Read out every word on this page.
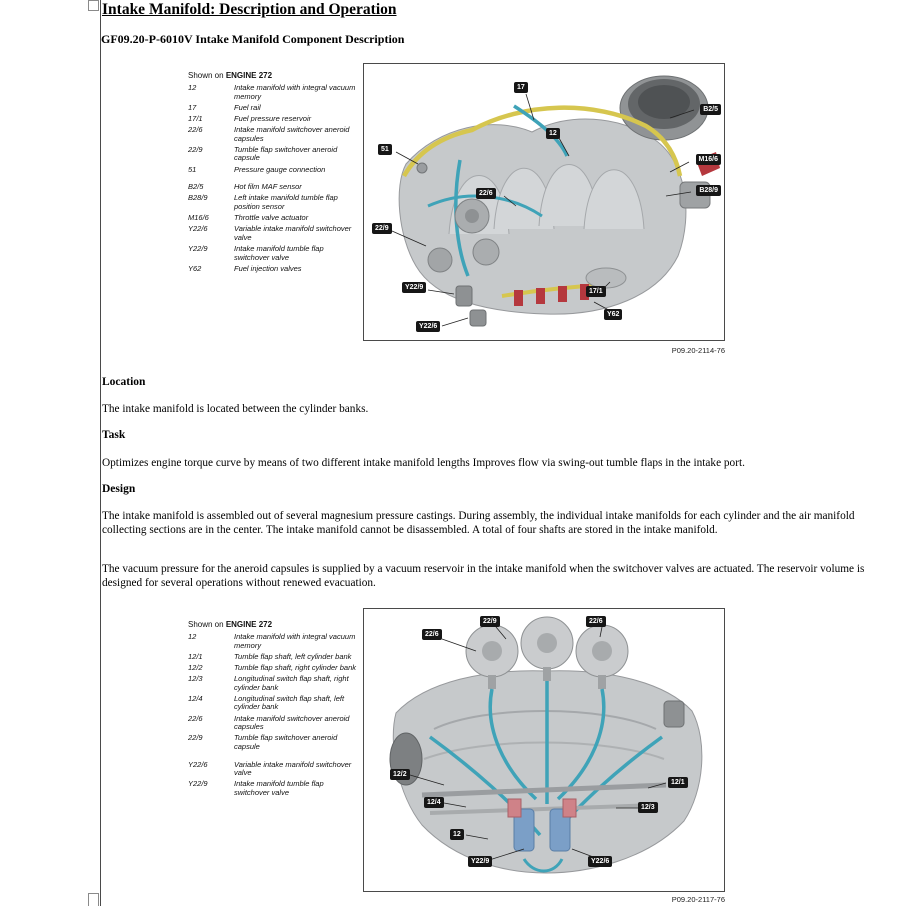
Intake Manifold: Description and Operation
GF09.20-P-6010V Intake Manifold Component Description
Shown on ENGINE 272
12	Intake manifold with integral vacuum memory
17	Fuel rail
17/1	Fuel pressure reservoir
22/6	Intake manifold switchover aneroid capsules
22/9	Tumble flap switchover aneroid capsule
51	Pressure gauge connection
B2/5	Hot film MAF sensor
B28/9	Left intake manifold tumble flap position sensor
M16/6	Throttle valve actuator
Y22/6	Variable intake manifold switchover valve
Y22/9	Intake manifold tumble flap switchover valve
Y62	Fuel injection valves
17
B2/5
12
M16/6
51
B28/9
22/6
22/9
Y22/9
17/1
Y62
Y22/6
P09.20-2114-76
Location
The intake manifold is located between the cylinder banks.
Task
Optimizes engine torque curve by means of two different intake manifold lengths Improves flow via swing-out tumble flaps in the intake port.
Design
The intake manifold is assembled out of several magnesium pressure castings. During assembly, the individual intake manifolds for each cylinder and the air manifold collecting sections are in the center. The intake manifold cannot be disassembled. A total of four shafts are stored in the intake manifold.
The vacuum pressure for the aneroid capsules is supplied by a vacuum reservoir in the intake manifold when the switchover valves are actuated. The reservoir volume is designed for several operations without renewed evacuation.
Shown on ENGINE 272
12	Intake manifold with integral vacuum memory
12/1	Tumble flap shaft, left cylinder bank
12/2	Tumble flap shaft, right cylinder bank
12/3	Longitudinal switch flap shaft, right cylinder bank
12/4	Longitudinal switch flap shaft, left cylinder bank
22/6	Intake manifold switchover aneroid capsules
22/9	Tumble flap switchover aneroid capsule
Y22/6	Variable intake manifold switchover valve
Y22/9	Intake manifold tumble flap switchover valve
22/9	22/6
22/6
12/2
12/1
12/4
12/3
12
Y22/9	Y22/6
P09.20-2117-76
